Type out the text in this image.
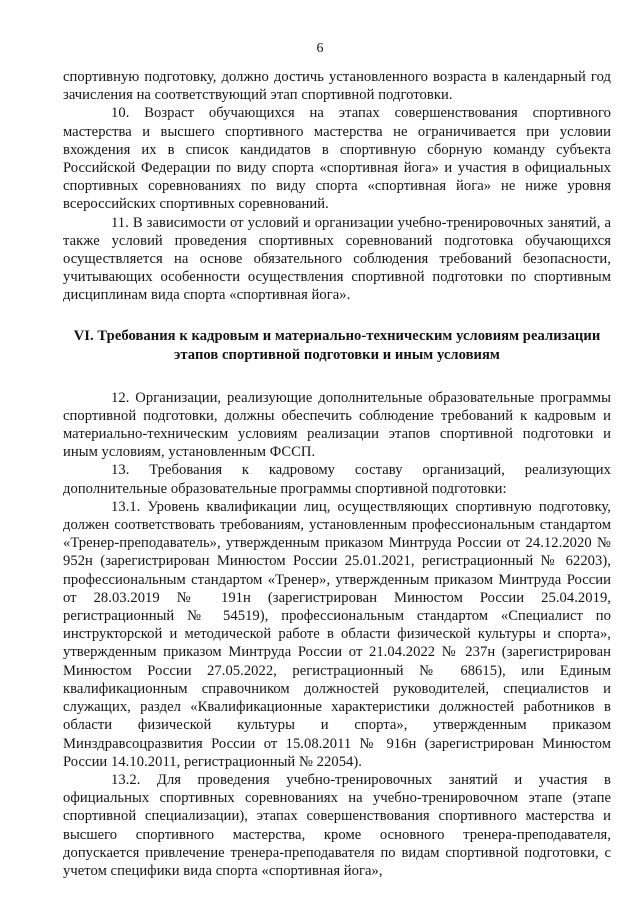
6

спортивную подготовку, должно достичь установленного возраста в календарный год зачисления на соответствующий этап спортивной подготовки.

10. Возраст обучающихся на этапах совершенствования спортивного мастерства и высшего спортивного мастерства не ограничивается при условии вхождения их в список кандидатов в спортивную сборную команду субъекта Российской Федерации по виду спорта «спортивная йога» и участия в официальных спортивных соревнованиях по виду спорта «спортивная йога» не ниже уровня всероссийских спортивных соревнований.

11. В зависимости от условий и организации учебно-тренировочных занятий, а также условий проведения спортивных соревнований подготовка обучающихся осуществляется на основе обязательного соблюдения требований безопасности, учитывающих особенности осуществления спортивной подготовки по спортивным дисциплинам вида спорта «спортивная йога».

VI. Требования к кадровым и материально-техническим условиям реализации этапов спортивной подготовки и иным условиям

12. Организации, реализующие дополнительные образовательные программы спортивной подготовки, должны обеспечить соблюдение требований к кадровым и материально-техническим условиям реализации этапов спортивной подготовки и иным условиям, установленным ФССП.

13. Требования к кадровому составу организаций, реализующих дополнительные образовательные программы спортивной подготовки:

13.1. Уровень квалификации лиц, осуществляющих спортивную подготовку, должен соответствовать требованиям, установленным профессиональным стандартом «Тренер-преподаватель», утвержденным приказом Минтруда России от 24.12.2020 № 952н (зарегистрирован Минюстом России 25.01.2021, регистрационный № 62203), профессиональным стандартом «Тренер», утвержденным приказом Минтруда России от 28.03.2019 № 191н (зарегистрирован Минюстом России 25.04.2019, регистрационный № 54519), профессиональным стандартом «Специалист по инструкторской и методической работе в области физической культуры и спорта», утвержденным приказом Минтруда России от 21.04.2022 № 237н (зарегистрирован Минюстом России 27.05.2022, регистрационный № 68615), или Единым квалификационным справочником должностей руководителей, специалистов и служащих, раздел «Квалификационные характеристики должностей работников в области физической культуры и спорта», утвержденным приказом Минздравсоцразвития России от 15.08.2011 № 916н (зарегистрирован Минюстом России 14.10.2011, регистрационный № 22054).

13.2. Для проведения учебно-тренировочных занятий и участия в официальных спортивных соревнованиях на учебно-тренировочном этапе (этапе спортивной специализации), этапах совершенствования спортивного мастерства и высшего спортивного мастерства, кроме основного тренера-преподавателя, допускается привлечение тренера-преподавателя по видам спортивной подготовки, с учетом специфики вида спорта «спортивная йога»,
